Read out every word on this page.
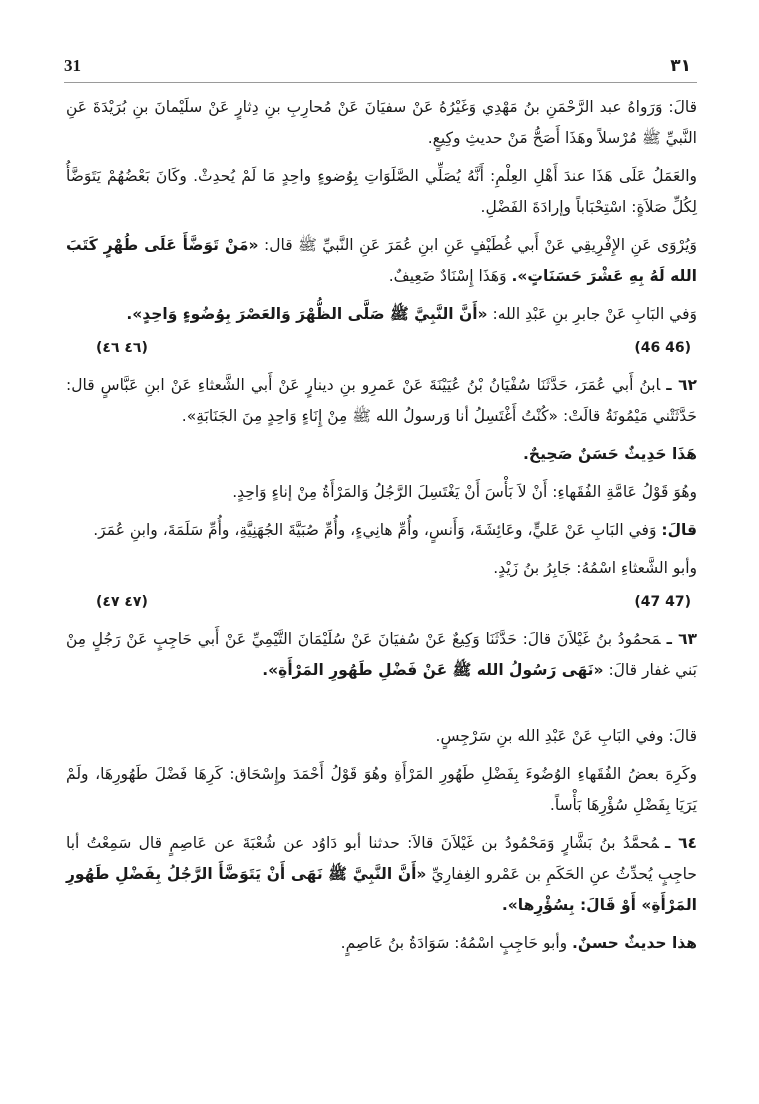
31	٣١

قالَ: وَرَواهُ عبد الرَّحْمَنِ بنُ مَهْدِي وَغَيْرُهُ عَنْ سفيَانَ عَنْ مُحارِبِ بنِ دِثارٍ عَنْ سلَيْمانَ بنِ بُرَيْدَةَ عَنِ النَّبيِّ ﷺ مُرْسلاً وهَذَا أَصَحُّ مَنْ حديثِ وكِيعٍ.

والعَمَلُ عَلَى هَذَا عندَ أَهْلِ العِلْمِ: أَنَّهُ يُصَلِّي الصَّلَوَاتِ بِوُضوءٍ واحِدٍ مَا لَمْ يُحدِثْ. وكَانَ بَعْضُهُمْ يَتَوَضَّأُ لِكُلِّ صَلاَةٍ: اسْتِحْبَاباً وإرادَةَ الفَضْلِ.

وَيُرْوَى عَنِ الإِفْرِيقِي عَنْ أَبي غُطَيْفٍ عَنِ ابنِ عُمَرَ عَنِ النَّبيِّ ﷺ قال: «مَنْ تَوَضَّأَ عَلَى طُهْرٍ كَتَبَ الله لَهُ بِهِ عَشْرَ حَسَنَاتٍ». وَهَذَا إِسْنَادٌ ضَعِيفٌ.

وَفي البَابِ عَنْ جابرِ بنِ عَبْدِ الله: «أَنَّ النَّبِيَّ ﷺ صَلَّى الظُّهْرَ وَالعَصْرَ بِوُضُوءٍ وَاحِدٍ».

(٤٦ ٤٦)	(46 46)

٦٢ ـابنُ أَبي عُمَرَ، حَدَّثَنَا سُفْيَانُ بْنُ عُيَيْنَةَ عَنْ عَمرِو بنِ دينارٍ عَنْ أَبي الشَّعثاءِ عَنْ ابنِ عَبَّاسٍ قال: حَدَّثَتْني مَيْمُونَةُ قالَتْ: «كُنْتُ أَغْتَسِلُ أنا وَرسولُ الله ﷺ مِنْ إِنَاءٍ وَاحِدٍ مِنَ الجَنَابَةِ».

هَذَا حَدِيثٌ حَسَنٌ صَحِيحٌ.

وهُوَ قَوْلُ عَامَّةِ الفُقَهاءِ: أَنْ لاَ بَأْسَ أَنْ يَغْتَسِلَ الرَّجُلُ وَالمَرْأَةُ مِنْ إناءٍ وَاحِدٍ.

قالَ: وَفي البَابِ عَنْ عَليٍّ، وعَائِشَةَ، وَأَنسٍ، وأُمِّ هانِيءٍ، وأُمِّ صُبَيَّةَ الجُهَنِيَّةِ، وأُمِّ سَلَمَةَ، وابنِ عُمَرَ.

وأبو الشَّعثاءِ اسْمُهُ: جَابِرُ بنُ زَيْدٍ.

(٤٧ ٤٧)	(47 47)

٦٣ ـمَحمُودُ بنُ غَيْلاَنَ قالَ: حَدَّثَنَا وَكِيعٌ عَنْ سُفيَانَ عَنْ سُلَيْمَانَ التَّيْمِيِّ عَنْ أَبي حَاجِبٍ عَنْ رَجُلٍ مِنْ بَني غفار قالَ: «نَهَى رَسُولُ الله ﷺ عَنْ فَضْلِ طَهُورِ المَرْأَةِ».

قالَ: وفي البَابِ عَنْ عَبْدِ الله بنِ سَرْجِسٍ.

وكَرِهَ بعضُ الفُقَهاءِ الوُضُوءَ بِفَضْلِ طَهُورِ المَرْأَةِ وهُوَ قَوْلُ أَحْمَدَ وإِسْحَاق: كَرِهَا فَضْلَ طَهُورِهَا، ولَمْ يَرَيَا بِفَضْلِ سُؤْرِهَا بَأْساً.

٦٤ ـمُحمَّدُ بنُ بَشَّارٍ وَمَحْمُودُ بن غَيْلاَنَ قالاَ: حدثنا أبو دَاوُد عن شُعْبَةَ عن عَاصِمٍ قال سَمِعْتُ أبا حاجِبٍ يُحدِّثُ عنِ الحَكَمِ بن عَمْرو الغِفارِيِّ «أَنَّ النَّبِيَّ ﷺ نَهَى أَنْ يَتَوَضَّأَ الرَّجُلُ بِفَضْلِ طَهُورِ المَرْأَةِ» أَوْ قَالَ: بِسُؤْرِها».

هذا حديثٌ حسنٌ. وأبو حَاجِبٍ اسْمُهُ: سَوَادَةُ بنُ عَاصِمٍ.
